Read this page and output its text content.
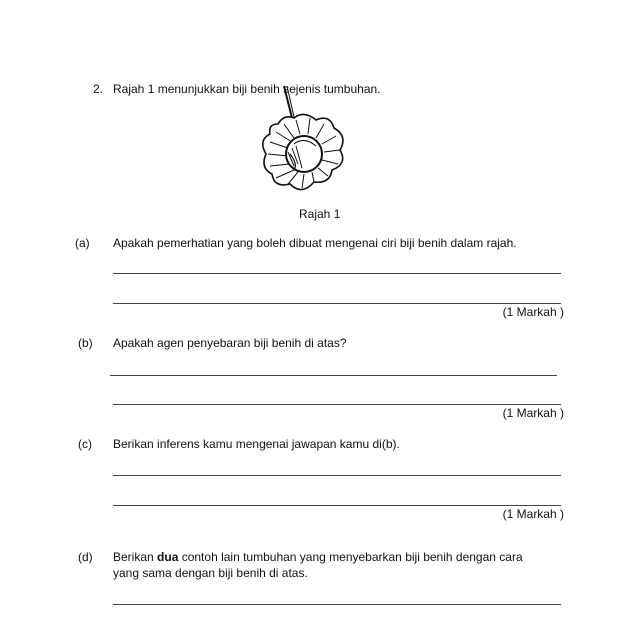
2. Rajah 1 menunjukkan biji benih sejenis tumbuhan.
Rajah 1
(a) Apakah pemerhatian yang boleh dibuat mengenai ciri biji benih dalam rajah.
(1 Markah )
(b) Apakah agen penyebaran biji benih di atas?
(1 Markah )
(c) Berikan inferens kamu mengenai jawapan kamu di(b).
(1 Markah )
(d) Berikan dua contoh lain tumbuhan yang menyebarkan biji benih dengan cara
yang sama dengan biji benih di atas.
